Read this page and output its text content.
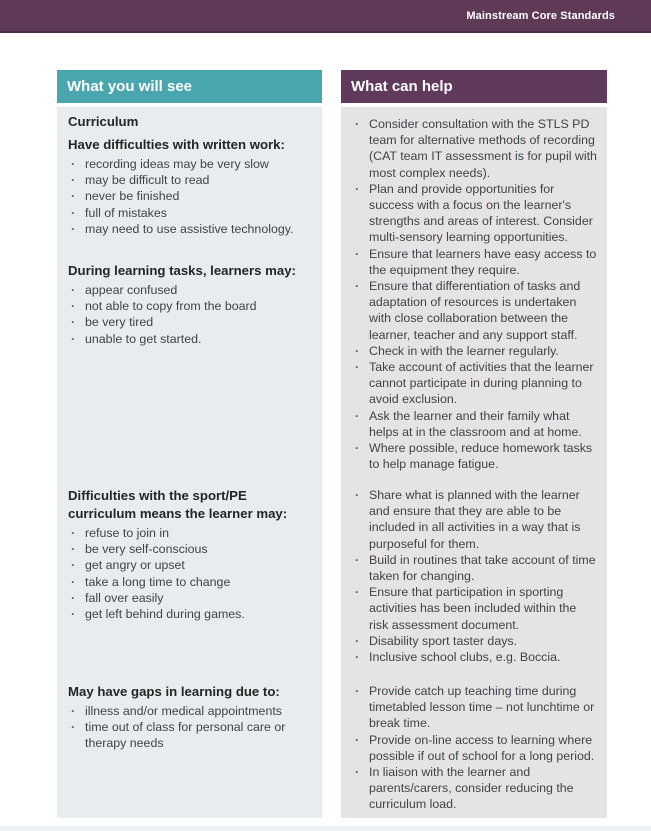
Mainstream Core Standards
What you will see	What can help
Curriculum
Have difficulties with written work:
· recording ideas may be very slow
· may be difficult to read
· never be finished
· full of mistakes
· may need to use assistive technology.
During learning tasks, learners may:
· appear confused
· not able to copy from the board
· be very tired
· unable to get started.
Difficulties with the sport/PE curriculum means the learner may:
· refuse to join in
· be very self-conscious
· get angry or upset
· take a long time to change
· fall over easily
· get left behind during games.
May have gaps in learning due to:
· illness and/or medical appointments
· time out of class for personal care or therapy needs
· Consider consultation with the STLS PD team for alternative methods of recording (CAT team IT assessment is for pupil with most complex needs).
· Plan and provide opportunities for success with a focus on the learner's strengths and areas of interest. Consider multi-sensory learning opportunities.
· Ensure that learners have easy access to the equipment they require.
· Ensure that differentiation of tasks and adaptation of resources is undertaken with close collaboration between the learner, teacher and any support staff.
· Check in with the learner regularly.
· Take account of activities that the learner cannot participate in during planning to avoid exclusion.
· Ask the learner and their family what helps at in the classroom and at home.
· Where possible, reduce homework tasks to help manage fatigue.
· Share what is planned with the learner and ensure that they are able to be included in all activities in a way that is purposeful for them.
· Build in routines that take account of time taken for changing.
· Ensure that participation in sporting activities has been included within the risk assessment document.
· Disability sport taster days.
· Inclusive school clubs, e.g. Boccia.
· Provide catch up teaching time during timetabled lesson time – not lunchtime or break time.
· Provide on-line access to learning where possible if out of school for a long period.
· In liaison with the learner and parents/carers, consider reducing the curriculum load.
